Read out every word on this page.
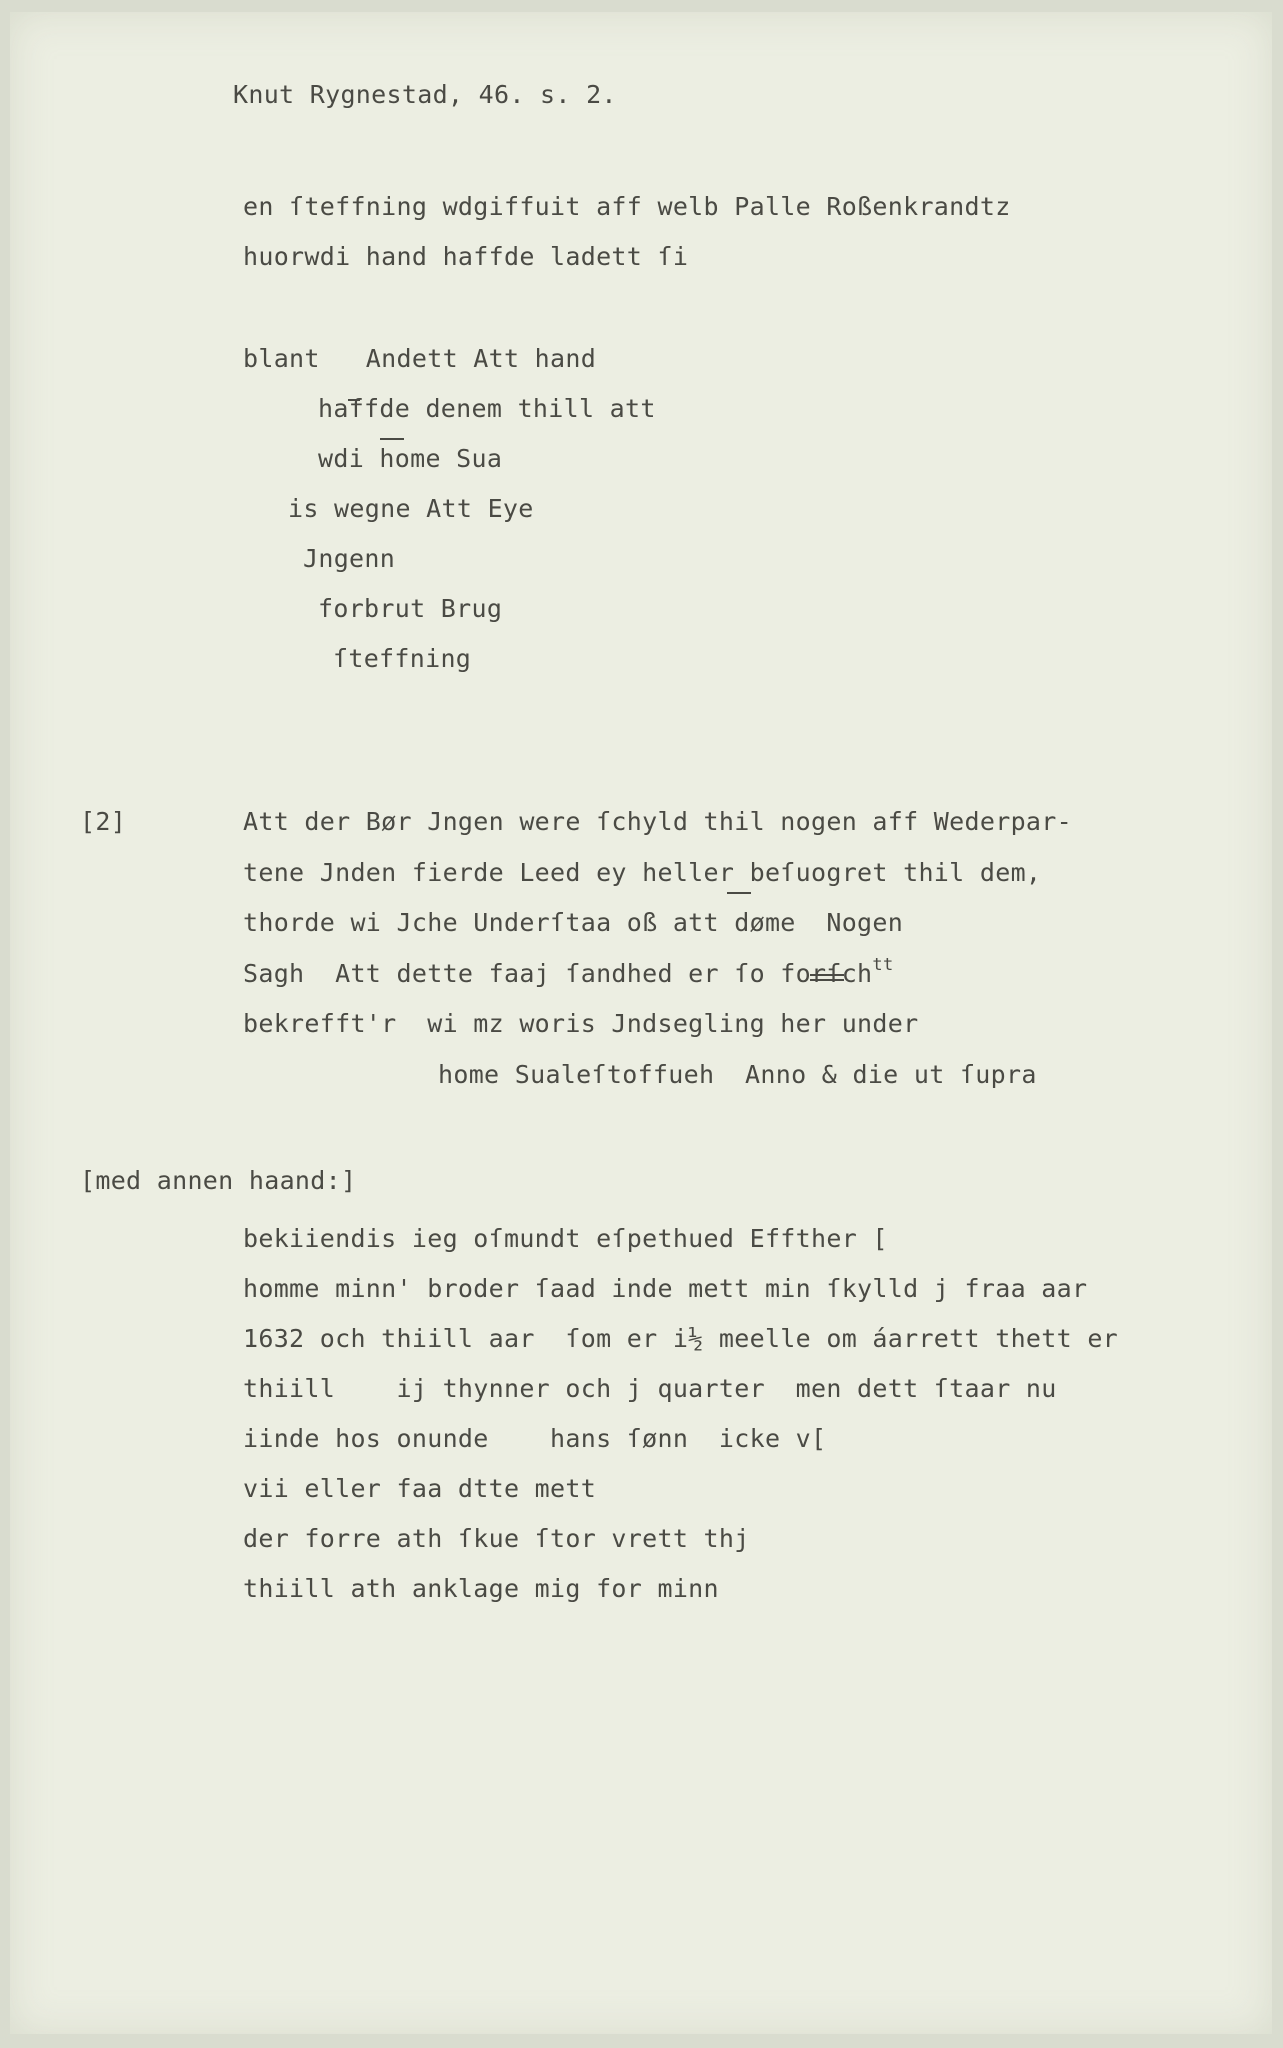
Knut Rygnestad, 46. s. 2.
en ſteffning wdgiffuit aff welb Palle Roßenkrandtz
huorwdi hand haffde ladett ſi
blant   Andett Att hand
haffde denem thill att
wdi home Sua
is wegne Att Eye
Jngenn
forbrut Brug
ſteffning
[2]	Att der Bør Jngen were ſchyld thil nogen aff Wederpar-
tene Jnden fierde Leed ey heller beſuogret thil dem,
thorde wi Jche Underſtaa oß att døme  Nogen
Sagh  Att dette faaj ſandhed er ſo forſch$^{tt}$
bekrefft'r  wi mz woris Jndsegling her under
home Sualeſtoffueh  Anno & die ut ſupra
[med annen haand:]
bekiiendis ieg oſmundt eſpethued Effther [
homme minn' broder ſaad inde mett min ſkylld j fraa aar
1632 och thiill aar  ſom er i½ meelle om áarrett thett er
thiill    ij thynner och j quarter  men dett ſtaar nu
iinde hos onunde    hans ſønn  icke v[
vii eller faa dtte mett
der forre ath ſkue ſtor vrett thj
thiill ath anklage mig for minn
